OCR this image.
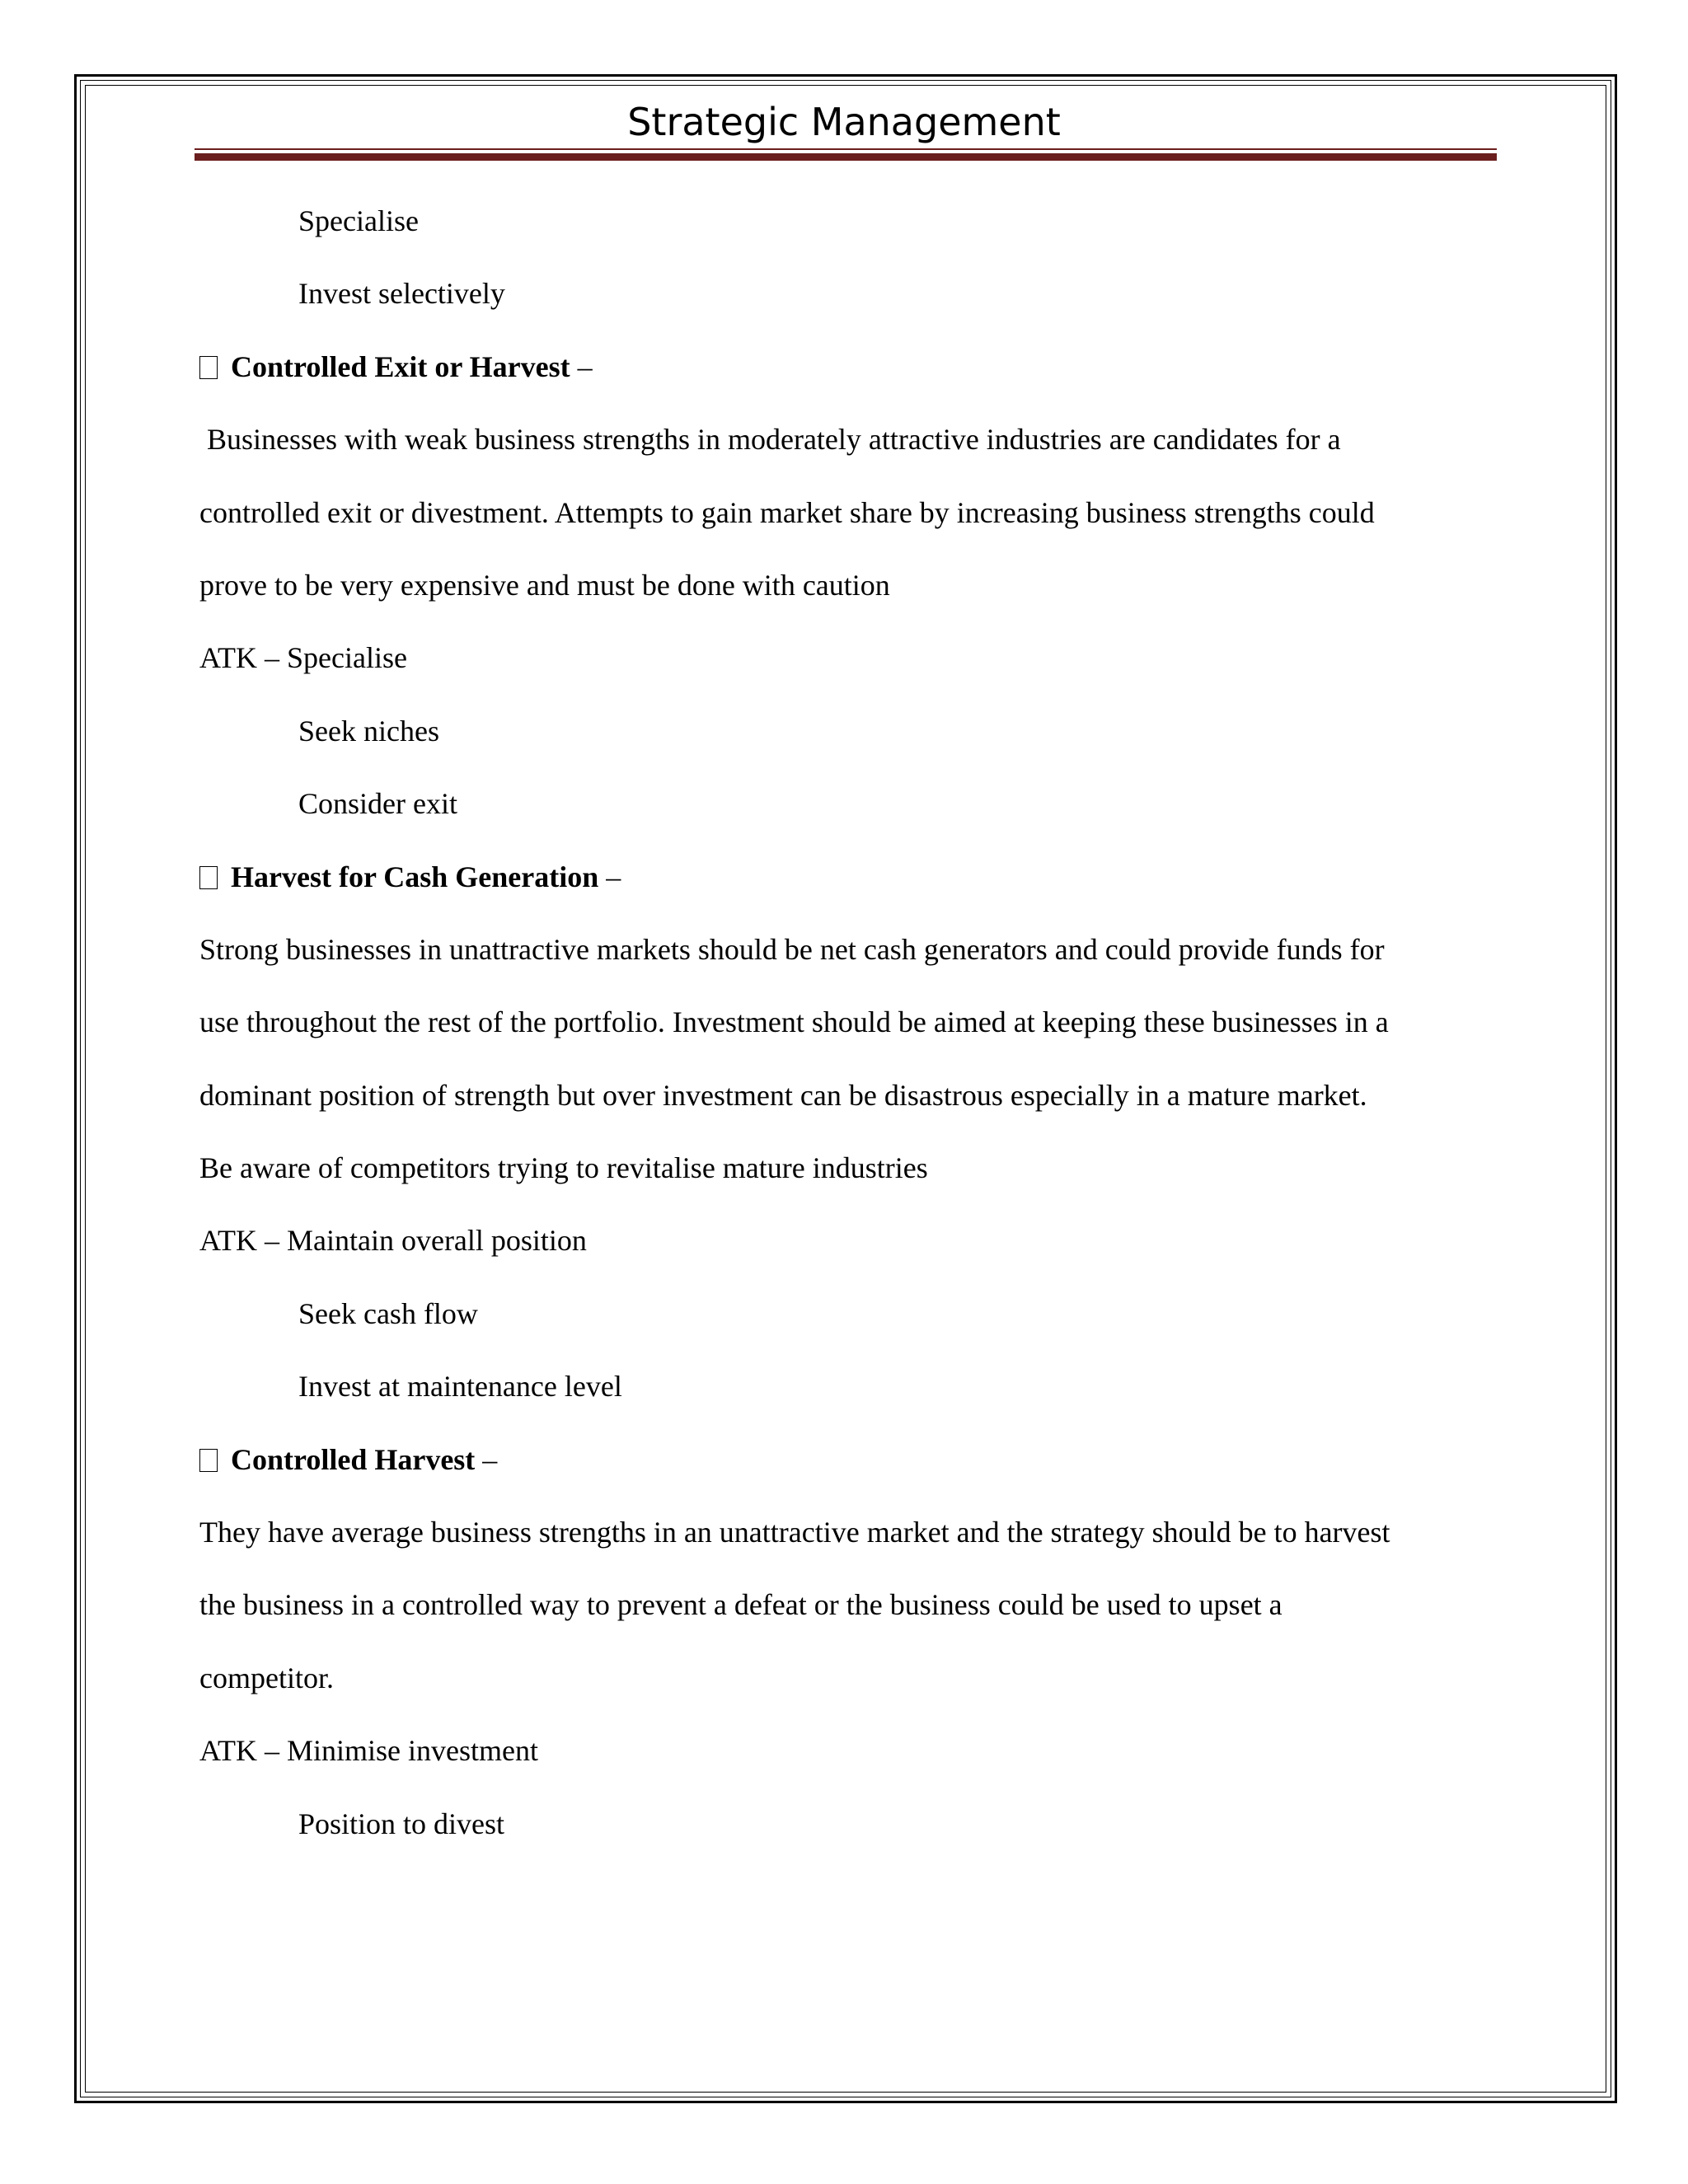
Strategic Management
Specialise
Invest selectively
Controlled Exit or Harvest –
Businesses with weak business strengths in moderately attractive industries are candidates for a
controlled exit or divestment. Attempts to gain market share by increasing business strengths could
prove to be very expensive and must be done with caution
ATK – Specialise
Seek niches
Consider exit
Harvest for Cash Generation –
Strong businesses in unattractive markets should be net cash generators and could provide funds for
use throughout the rest of the portfolio. Investment should be aimed at keeping these businesses in a
dominant position of strength but over investment can be disastrous especially in a mature market.
Be aware of competitors trying to revitalise mature industries
ATK – Maintain overall position
Seek cash flow
Invest at maintenance level
Controlled Harvest –
They have average business strengths in an unattractive market and the strategy should be to harvest
the business in a controlled way to prevent a defeat or the business could be used to upset a
competitor.
ATK – Minimise investment
Position to divest
